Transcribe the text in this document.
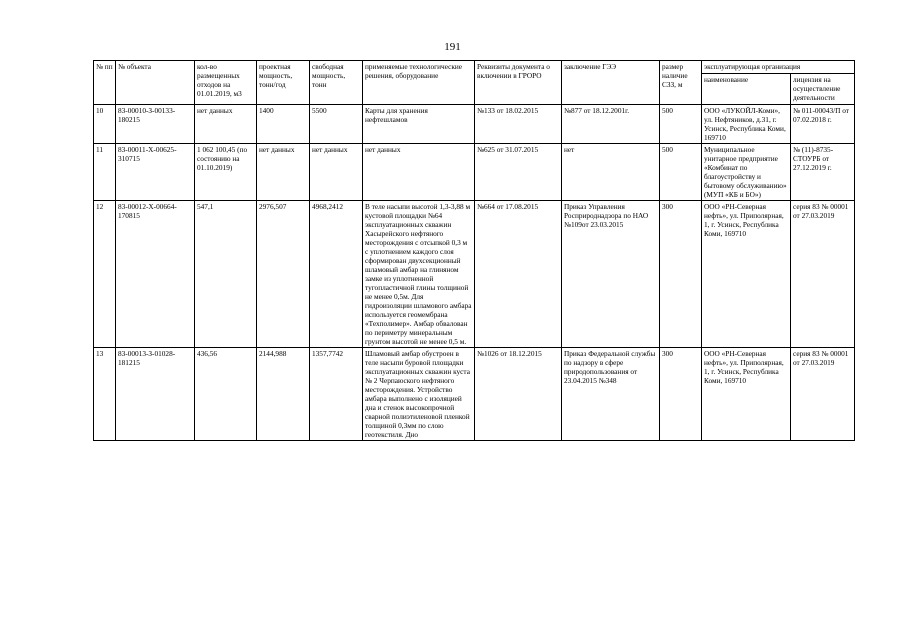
191
№ пп	№ объекта	кол-во размещенных отходов на 01.01.2019, м3	проектная мощность, тонн/год	свободная мощность, тонн	применяемые технологические решения, оборудование	Реквизиты документа о включении в ГРОРО	заключение ГЭЭ	размер наличие СЗЗ, м	эксплуатирующая организация	
									наименование	лицензия на осуществление деятельности
10	83-00010-З-00133-180215	нет данных	1400	5500	Карты для хранения нефтешламов	№133 от 18.02.2015	№877 от 18.12.2001г.	500	ООО «ЛУКОЙЛ-Коми», ул. Нефтяников, д.31, г. Усинск, Республика Коми, 169710	№ 011-00043/П от 07.02.2018 г.
11	83-00011-Х-00625-310715	1 062 100,45 (по состоянию на 01.10.2019)	нет данных	нет данных	нет данных	№625 от 31.07.2015	нет	500	Муниципальное унитарное предприятие «Комбинат по благоустройству и бытовому обслуживанию» (МУП «КБ и БО»)	№ (11)-8735-СТОУРБ от 27.12.2019 г.
12	83-00012-Х-00664-170815	547,1	2976,507	4968,2412	В теле насыпи высотой 1,3-3,88 м кустовой площадки №64 эксплуатационных скважин Хасырейского нефтяного месторождения с отсыпкой 0,3 м с уплотнением каждого слоя сформирован двухсекционный шламовый амбар на глиняном замке из уплотненной тугопластичной глины толщиной не менее 0,5м. Для гидроизоляции шламового амбара используется геомембрана «Техполимер». Амбар обвалован по периметру минеральным грунтом высотой не менее 0,5 м.	№664 от 17.08.2015	Приказ Управления Росприроднадзора по НАО №109от 23.03.2015	300	ООО «РН-Северная нефть», ул. Приполярная, 1, г. Усинск, Республика Коми, 169710	серия 83 № 00001 от 27.03.2019
13	83-00013-З-01028-181215	436,56	2144,988	1357,7742	Шламовый амбар обустроен в теле насыпи буровой площадки эксплуатационных скважин куста № 2 Черпаюского нефтяного месторождения. Устройство амбара выполнено с изоляцией дна и стенок высокопрочной сварной полиэтиленовой пленкой толщиной 0,3мм по слою геотекстиля. Дно	№1026 от 18.12.2015	Приказ Федеральной службы по надзору в сфере природопользования от 23.04.2015 №348	300	ООО «РН-Северная нефть», ул. Приполярная, 1, г. Усинск, Республика Коми, 169710	серия 83 № 00001 от 27.03.2019
